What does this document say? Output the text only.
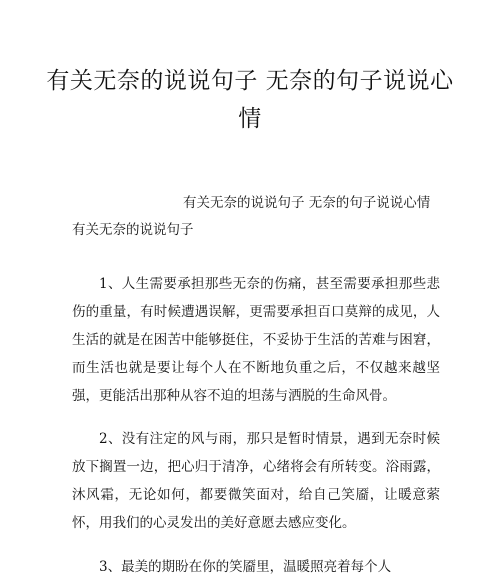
有关无奈的说说句子 无奈的句子说说心情
有关无奈的说说句子 无奈的句子说说心情
有关无奈的说说句子

1、人生需要承担那些无奈的伤痛，甚至需要承担那些悲伤的重量，有时候遭遇误解，更需要承担百口莫辩的成见，人生活的就是在困苦中能够挺住，不妥协于生活的苦难与困窘，而生活也就是要让每个人在不断地负重之后，不仅越来越坚强，更能活出那种从容不迫的坦荡与洒脱的生命风骨。

2、没有注定的风与雨，那只是暂时情景，遇到无奈时候放下搁置一边，把心归于清净，心绪将会有所转变。浴雨露，沐风霜，无论如何，都要微笑面对，给自己笑靥，让暖意萦怀，用我们的心灵发出的美好意愿去感应变化。

3、最美的期盼在你的笑靥里，温暖照亮着每个人
